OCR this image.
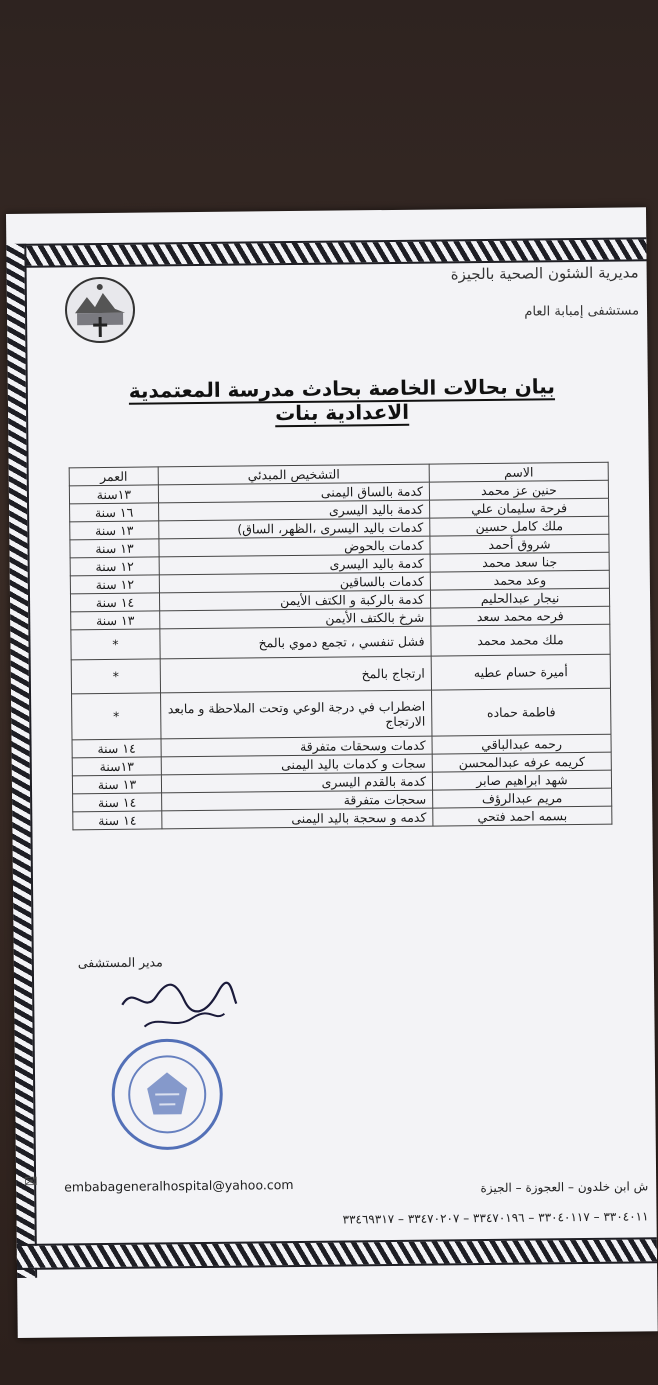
مديرية الشئون الصحية بالجيزة
مستشفى إمبابة العام
بيان بحالات الخاصة بحادث مدرسة المعتمدية الاعدادية بنات
الاسم	التشخيص المبدئي	العمر
حنين عز محمد	كدمة بالساق اليمنى	١٣سنة
فرحة سليمان علي	كدمة باليد اليسرى	١٦ سنة
ملك كامل حسين	كدمات باليد اليسرى ،الظهر، الساق)	١٣ سنة
شروق أحمد	كدمات بالحوض	١٣ سنة
جنا سعد محمد	كدمة باليد اليسرى	١٢ سنة
وعد محمد	كدمات بالساقين	١٢ سنة
نيجار عبدالحليم	كدمة بالركبة و الكتف الأيمن	١٤ سنة
فرحه محمد سعد	شرخ بالكتف الأيمن	١٣ سنة
ملك محمد محمد	فشل تنفسي ، تجمع دموي بالمخ	*
أميرة حسام عطيه	ارتجاج بالمخ	*
فاطمة حماده	اضطراب في درجة الوعي وتحت الملاحظة و مابعد الارتجاج	*
رحمه عبدالباقي	كدمات وسحقات متفرقة	١٤ سنة
كريمه عرفه عبدالمحسن	سجات و كدمات باليد اليمنى	١٣سنة
شهد ابراهيم صابر	كدمة بالقدم اليسرى	١٣ سنة
مريم عبدالرؤف	سحجات متفرقة	١٤ سنة
بسمه احمد فتحي	كدمه و سحجة باليد اليمنى	١٤ سنة
مدير المستشفى
✉ embabageneralhospital@yahoo.com	ش ابن خلدون – العجوزة – الجيزة
٣٣٠٤٠١١ – ٣٣٠٤٠١١٧ – ٣٣٤٧٠١٩٦ – ٣٣٤٧٠٢٠٧ – ٣٣٤٦٩٣١٧
